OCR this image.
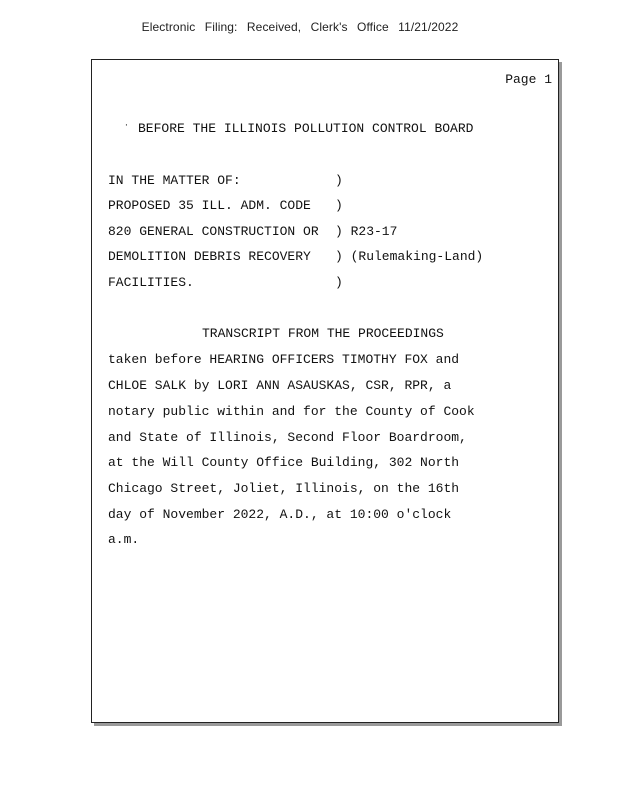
Electronic Filing: Received, Clerk's Office 11/21/2022
Page 1
· BEFORE THE ILLINOIS POLLUTION CONTROL BOARD
IN THE MATTER OF:
PROPOSED 35 ILL. ADM. CODE
820 GENERAL CONSTRUCTION OR
DEMOLITION DEBRIS RECOVERY
FACILITIES.
)
)
) R23-17
) (Rulemaking-Land)
)
TRANSCRIPT FROM THE PROCEEDINGS
taken before HEARING OFFICERS TIMOTHY FOX and
CHLOE SALK by LORI ANN ASAUSKAS, CSR, RPR, a
notary public within and for the County of Cook
and State of Illinois, Second Floor Boardroom,
at the Will County Office Building, 302 North
Chicago Street, Joliet, Illinois, on the 16th
day of November 2022, A.D., at 10:00 o'clock
a.m.
